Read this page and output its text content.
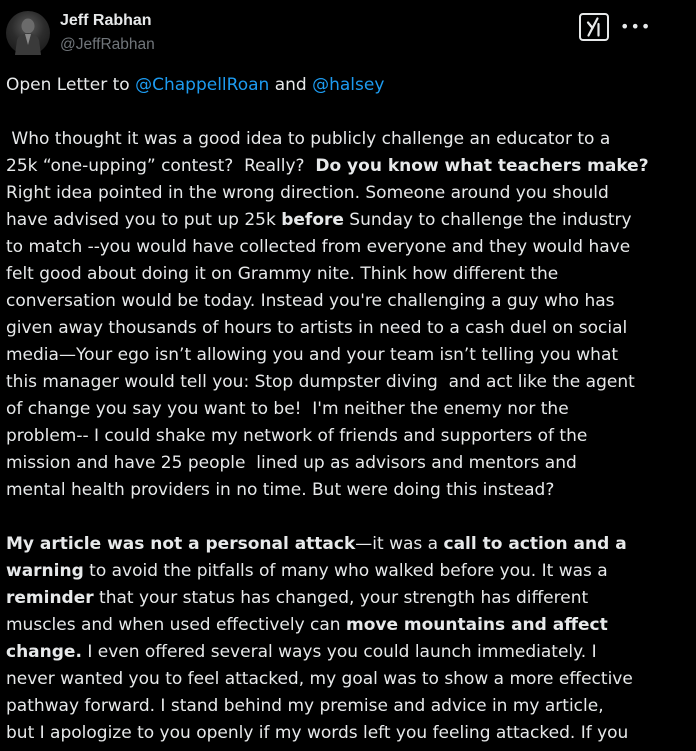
Jeff Rabhan
@JeffRabhan
•••
Open Letter to @ChappellRoan and @halsey
Who thought it was a good idea to publicly challenge an educator to a
25k “one-upping” contest?  Really?  Do you know what teachers make?
Right idea pointed in the wrong direction. Someone around you should
have advised you to put up 25k before Sunday to challenge the industry
to match --you would have collected from everyone and they would have
felt good about doing it on Grammy nite. Think how different the
conversation would be today. Instead you're challenging a guy who has
given away thousands of hours to artists in need to a cash duel on social
media—Your ego isn’t allowing you and your team isn’t telling you what
this manager would tell you: Stop dumpster diving  and act like the agent
of change you say you want to be!  I'm neither the enemy nor the
problem-- I could shake my network of friends and supporters of the
mission and have 25 people  lined up as advisors and mentors and
mental health providers in no time. But were doing this instead?
My article was not a personal attack—it was a call to action and a
warning to avoid the pitfalls of many who walked before you. It was a
reminder that your status has changed, your strength has different
muscles and when used effectively can move mountains and affect
change. I even offered several ways you could launch immediately. I
never wanted you to feel attacked, my goal was to show a more effective
pathway forward. I stand behind my premise and advice in my article,
but I apologize to you openly if my words left you feeling attacked. If you
